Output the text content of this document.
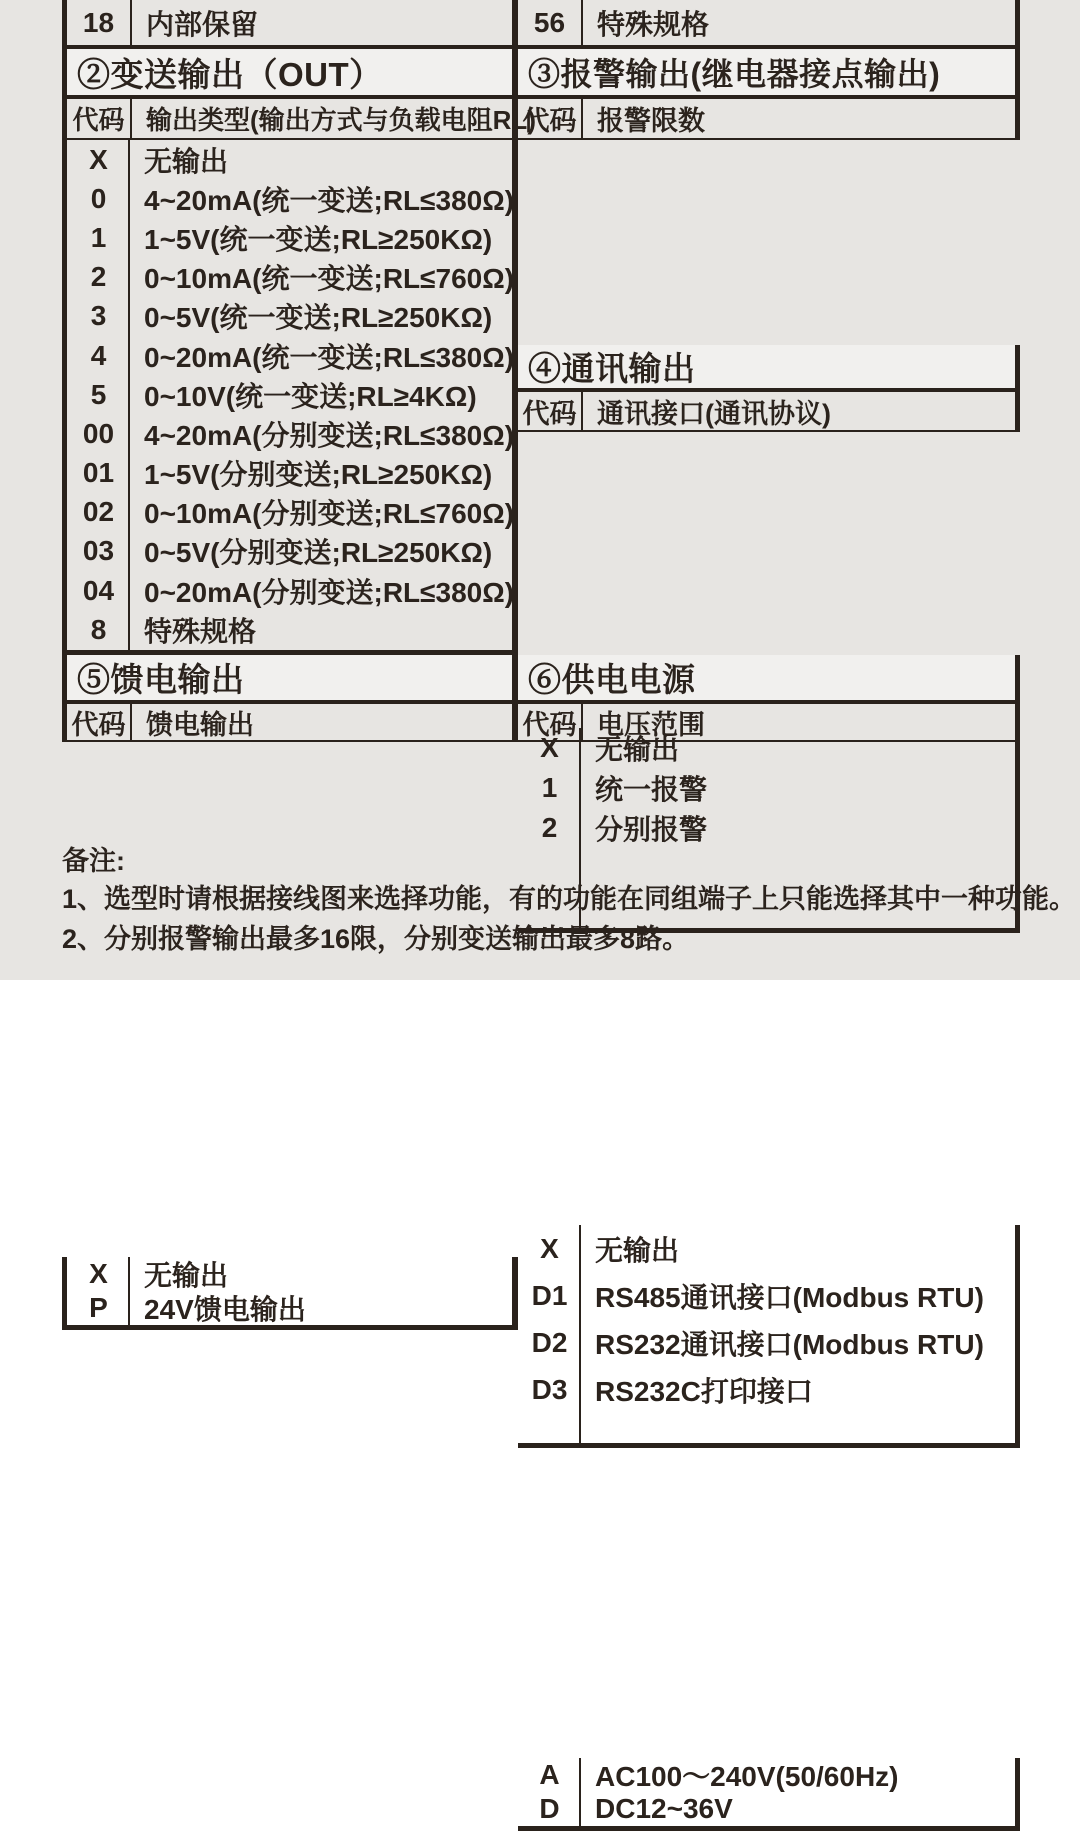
18	内部保留
②变送输出（OUT）
代码 输出类型(输出方式与负载电阻RL)
X	无输出
0	4~20mA(统一变送;RL≤380Ω)
1	1~5V(统一变送;RL≥250KΩ)
2	0~10mA(统一变送;RL≤760Ω)
3	0~5V(统一变送;RL≥250KΩ)
4	0~20mA(统一变送;RL≤380Ω)
5	0~10V(统一变送;RL≥4KΩ)
00	4~20mA(分别变送;RL≤380Ω)
01	1~5V(分别变送;RL≥250KΩ)
02	0~10mA(分别变送;RL≤760Ω)
03	0~5V(分别变送;RL≥250KΩ)
04	0~20mA(分别变送;RL≤380Ω)
8	特殊规格
⑤馈电输出
代码 馈电输出
X	无输出
P	24V馈电输出
56	特殊规格
③报警输出(继电器接点输出)
代码 报警限数
X	无输出
1	统一报警
2	分别报警
④通讯输出
代码 通讯接口(通讯协议)
X	无输出
D1 RS485通讯接口(Modbus RTU)
D2 RS232通讯接口(Modbus RTU)
D3 RS232C打印接口
⑥供电电源
代码 电压范围
A	AC100～240V(50/60Hz)
D	DC12~36V
备注:
1、选型时请根据接线图来选择功能，有的功能在同组端子上只能选择其中一种功能。
2、分别报警输出最多16限，分别变送输出最多8路。
